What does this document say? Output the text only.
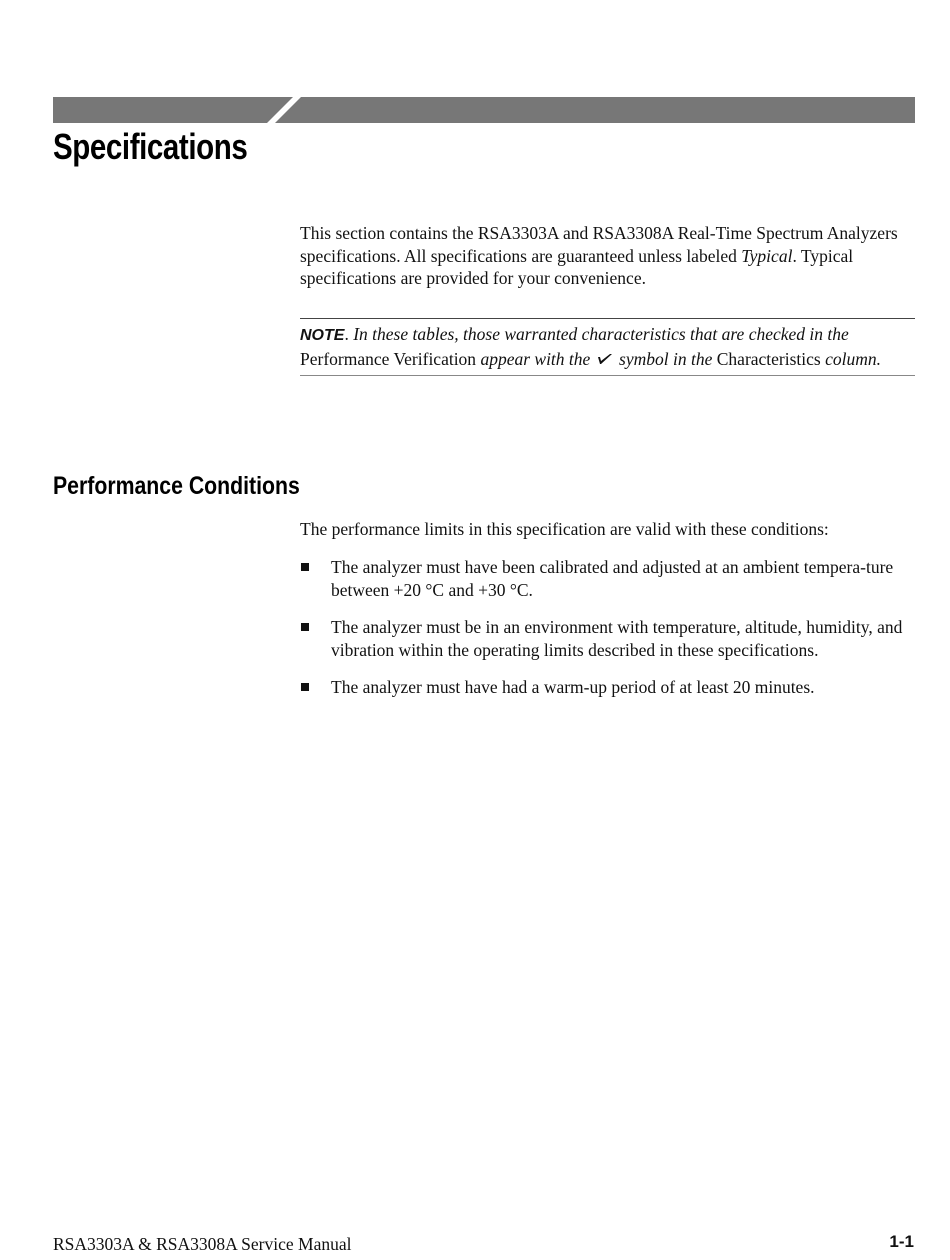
Specifications

This section contains the RSA3303A and RSA3308A Real-Time Spectrum Analyzers specifications. All specifications are guaranteed unless labeled Typical. Typical specifications are provided for your convenience.

NOTE. In these tables, those warranted characteristics that are checked in the Performance Verification appear with the  symbol in the Characteristics column.

Performance Conditions

The performance limits in this specification are valid with these conditions:

The analyzer must have been calibrated and adjusted at an ambient tempera-ture between +20 °C and +30 °C.
The analyzer must be in an environment with temperature, altitude, humidity, and vibration within the operating limits described in these specifications.
The analyzer must have had a warm-up period of at least 20 minutes.

RSA3303A & RSA3308A Service Manual	1-1
